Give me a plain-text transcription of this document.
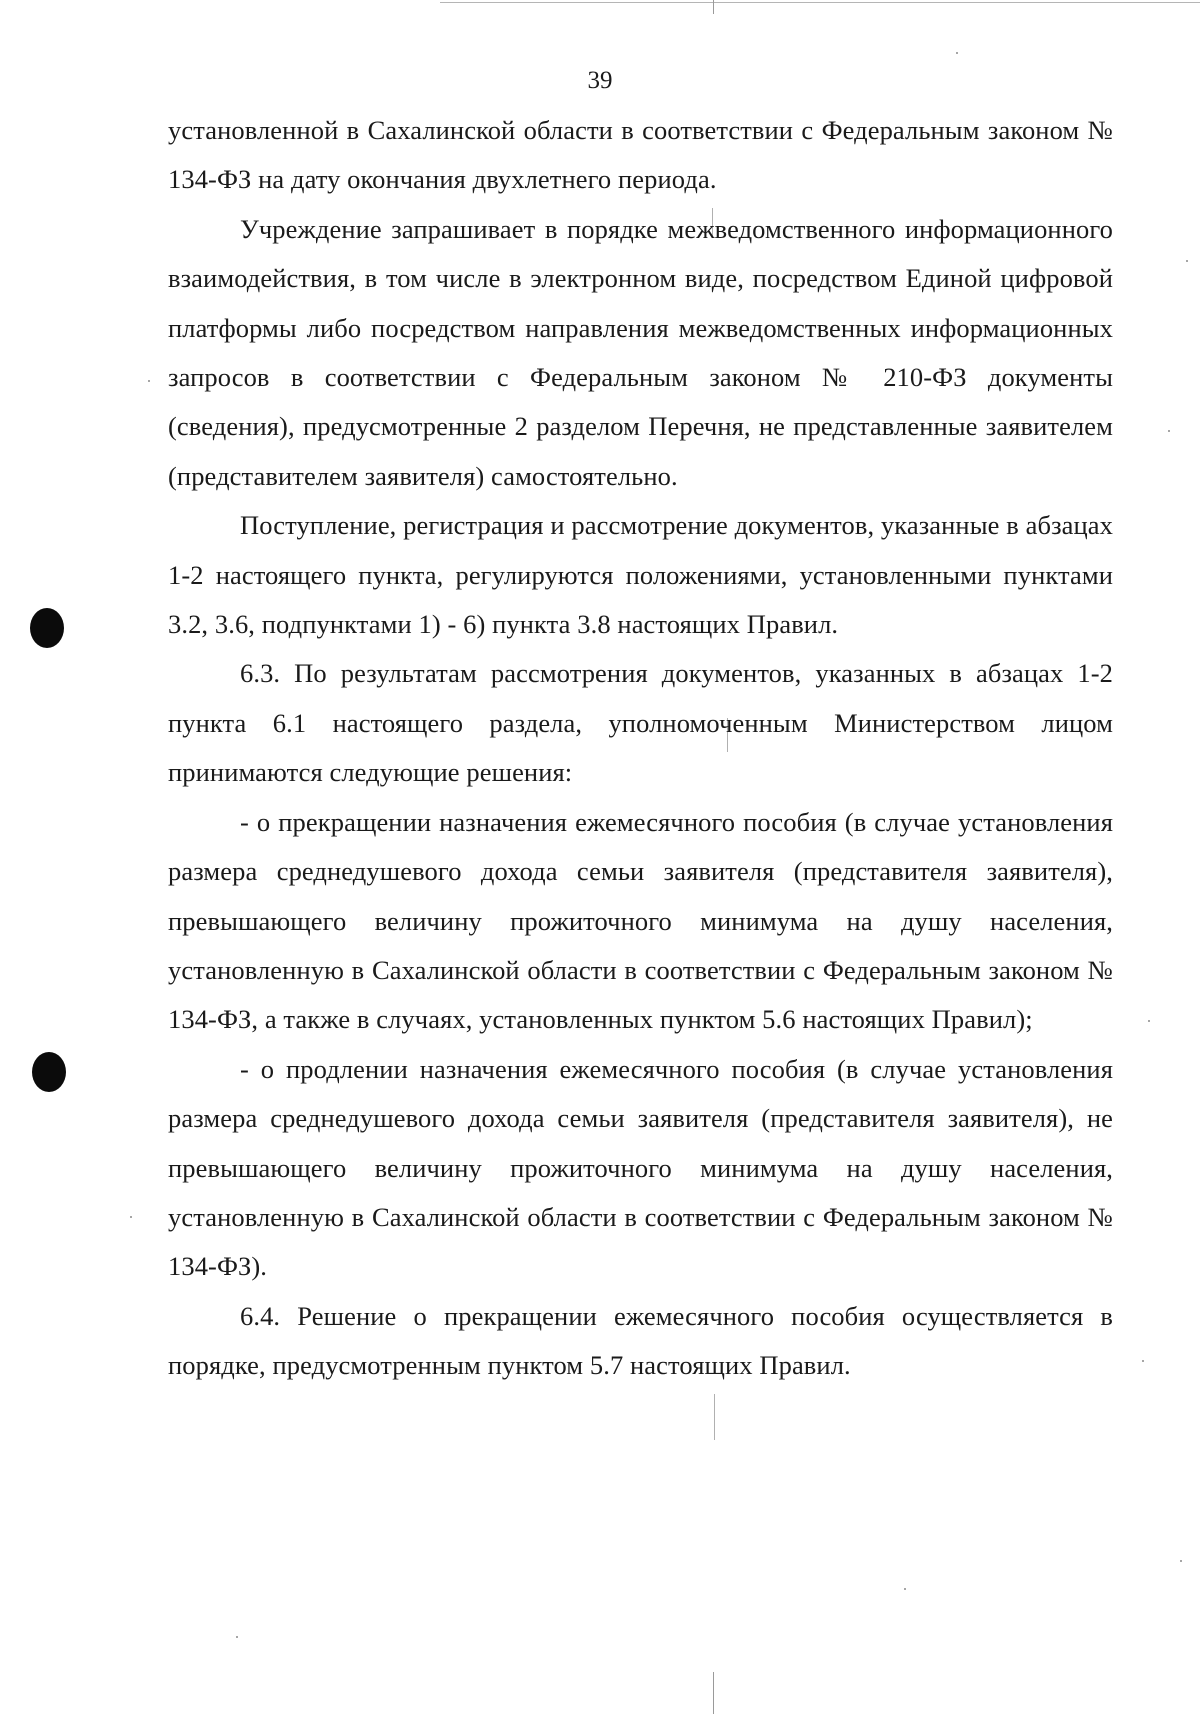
39

установленной в Сахалинской области в соответствии с Федеральным законом № 134-ФЗ на дату окончания двухлетнего периода.

Учреждение запрашивает в порядке межведомственного информационного взаимодействия, в том числе в электронном виде, посредством Единой цифровой платформы либо посредством направления межведомственных информационных запросов в соответствии с Федеральным законом № 210-ФЗ документы (сведения), предусмотренные 2 разделом Перечня, не представленные заявителем (представителем заявителя) самостоятельно.

Поступление, регистрация и рассмотрение документов, указанные в абзацах 1-2 настоящего пункта, регулируются положениями, установленными пунктами 3.2, 3.6, подпунктами 1) - 6) пункта 3.8 настоящих Правил.

6.3. По результатам рассмотрения документов, указанных в абзацах 1-2 пункта 6.1 настоящего раздела, уполномоченным Министерством лицом принимаются следующие решения:

- о прекращении назначения ежемесячного пособия (в случае установления размера среднедушевого дохода семьи заявителя (представителя заявителя), превышающего величину прожиточного минимума на душу населения, установленную в Сахалинской области в соответствии с Федеральным законом № 134-ФЗ, а также в случаях, установленных пунктом 5.6 настоящих Правил);

- о продлении назначения ежемесячного пособия (в случае установления размера среднедушевого дохода семьи заявителя (представителя заявителя), не превышающего величину прожиточного минимума на душу населения, установленную в Сахалинской области в соответствии с Федеральным законом № 134-ФЗ).

6.4. Решение о прекращении ежемесячного пособия осуществляется в порядке, предусмотренным пунктом 5.7 настоящих Правил.
